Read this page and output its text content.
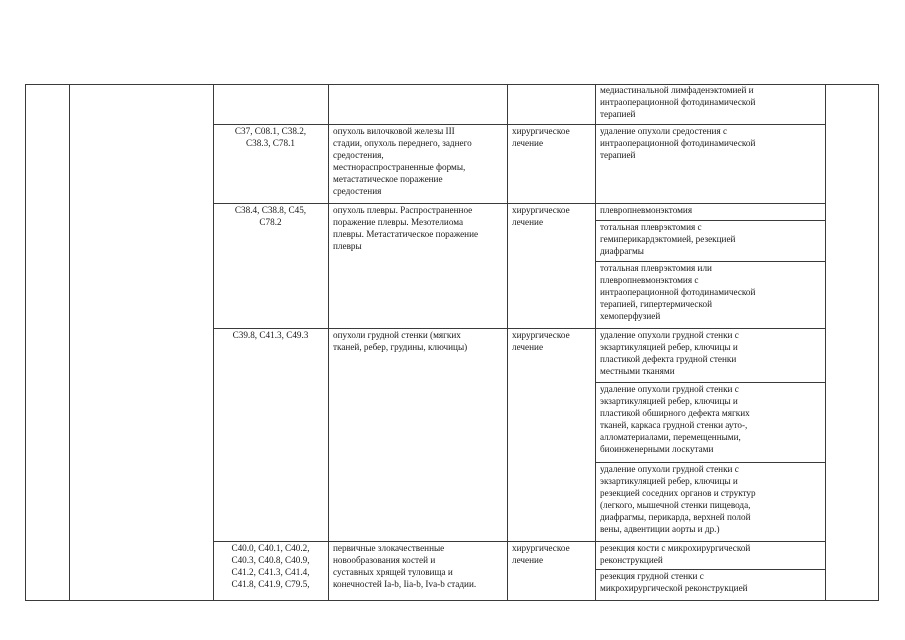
медиастинальной лимфаденэктомией и
интраоперационной фотодинамической
терапией
C37, C08.1, C38.2,
C38.3, C78.1
опухоль вилочковой железы III
стадии, опухоль переднего, заднего
средостения,
местнораспространенные формы,
метастатическое поражение
средостения
хирургическое
лечение
удаление опухоли средостения с
интраоперационной фотодинамической
терапией
C38.4, C38.8, C45,
C78.2
опухоль плевры. Распространенное
поражение плевры. Мезотелиома
плевры. Метастатическое поражение
плевры
хирургическое
лечение
плевропневмонэктомия
тотальная плеврэктомия с
гемиперикардэктомией, резекцией
диафрагмы
тотальная плеврэктомия или
плевропневмонэктомия с
интраоперационной фотодинамической
терапией, гипертермической
хемоперфузией
C39.8, C41.3, C49.3	опухоли грудной стенки (мягких
тканей, ребер, грудины, ключицы)
хирургическое
лечение
удаление опухоли грудной стенки с
экзартикуляцией ребер, ключицы и
пластикой дефекта грудной стенки
местными тканями
удаление опухоли грудной стенки с
экзартикуляцией ребер, ключицы и
пластикой обширного дефекта мягких
тканей, каркаса грудной стенки ауто-,
алломатериалами, перемещенными,
биоинженерными лоскутами
удаление опухоли грудной стенки с
экзартикуляцией ребер, ключицы и
резекцией соседних органов и структур
(легкого, мышечной стенки пищевода,
диафрагмы, перикарда, верхней полой
вены, адвентиции аорты и др.)
C40.0, C40.1, C40.2,
C40.3, C40.8, C40.9,
C41.2, C41.3, C41.4,
C41.8, C41.9, C79.5,
первичные злокачественные
новообразования костей и
суставных хрящей туловища и
конечностей Ia-b, Iia-b, Iva-b стадии.
хирургическое
лечение
резекция кости с микрохирургической
реконструкцией
резекция грудной стенки с
микрохирургической реконструкцией
